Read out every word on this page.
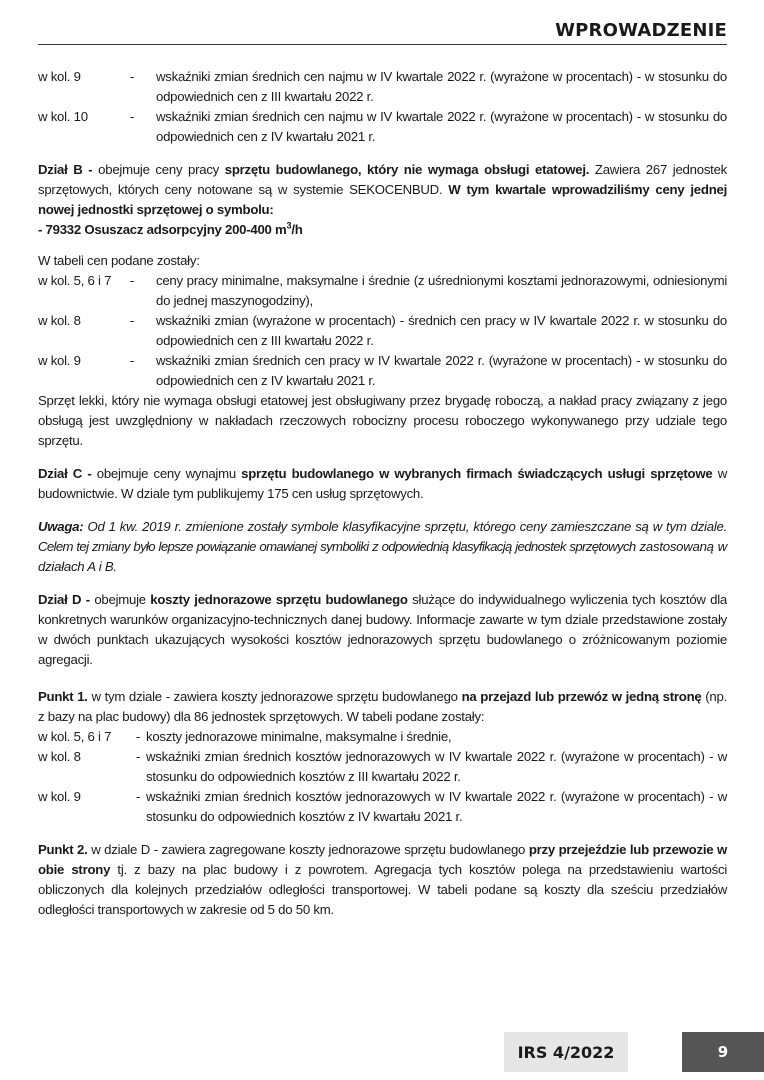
WPROWADZENIE
w kol. 9	-	wskaźniki zmian średnich cen najmu w IV kwartale 2022 r. (wyrażone w procentach) - w stosunku do odpowiednich cen z III kwartału 2022 r.
w kol. 10	-	wskaźniki zmian średnich cen najmu w IV kwartale 2022 r. (wyrażone w procentach) - w stosunku do odpowiednich cen z IV kwartału 2021 r.

Dział B - obejmuje ceny pracy sprzętu budowlanego, który nie wymaga obsługi etatowej. Zawiera 267 jednostek sprzętowych, których ceny notowane są w systemie SEKOCENBUD. W tym kwartale wprowadziliśmy ceny jednej nowej jednostki sprzętowej o symbolu:

- 79332 Osuszacz adsorpcyjny 200-400 $m^3/h$

W tabeli cen podane zostały:

w kol. 5, 6 i 7	-	ceny pracy minimalne, maksymalne i średnie (z uśrednionymi kosztami jednorazowymi, odniesionymi do jednej maszynogodziny),
w kol. 8	-	wskaźniki zmian (wyrażone w procentach) - średnich cen pracy w IV kwartale 2022 r. w stosunku do odpowiednich cen z III kwartału 2022 r.
w kol. 9	-	wskaźniki zmian średnich cen pracy w IV kwartale 2022 r. (wyrażone w procentach) - w stosunku do odpowiednich cen z IV kwartału 2021 r.

Sprzęt lekki, który nie wymaga obsługi etatowej jest obsługiwany przez brygadę roboczą, a nakład pracy związany z jego obsługą jest uwzględniony w nakładach rzeczowych robocizny procesu roboczego wykonywanego przy udziale tego sprzętu.

Dział C - obejmuje ceny wynajmu sprzętu budowlanego w wybranych firmach świadczących usługi sprzętowe w budownictwie. W dziale tym publikujemy 175 cen usług sprzętowych.

Uwaga: Od 1 kw. 2019 r. zmienione zostały symbole klasyfikacyjne sprzętu, którego ceny zamieszczane są w tym dziale. Celem tej zmiany było lepsze powiązanie omawianej symboliki z odpowiednią klasyfikacją jednostek sprzętowych zastosowaną w działach A i B.

Dział D - obejmuje koszty jednorazowe sprzętu budowlanego służące do indywidualnego wyliczenia tych kosztów dla konkretnych warunków organizacyjno-technicznych danej budowy. Informacje zawarte w tym dziale przedstawione zostały w dwóch punktach ukazujących wysokości kosztów jednorazowych sprzętu budowlanego o zróżnicowanym poziomie agregacji.

Punkt 1. w tym dziale - zawiera koszty jednorazowe sprzętu budowlanego na przejazd lub przewóz w jedną stronę (np. z bazy na plac budowy) dla 86 jednostek sprzętowych. W tabeli podane zostały:

w kol. 5, 6 i 7	- koszty jednorazowe minimalne, maksymalne i średnie,
w kol. 8	- wskaźniki zmian średnich kosztów jednorazowych w IV kwartale 2022 r. (wyrażone w procentach) - w stosunku do odpowiednich kosztów z III kwartału 2022 r.
w kol. 9	- wskaźniki zmian średnich kosztów jednorazowych w IV kwartale 2022 r. (wyrażone w procentach) - w stosunku do odpowiednich kosztów z IV kwartału 2021 r.

Punkt 2. w dziale D - zawiera zagregowane koszty jednorazowe sprzętu budowlanego przy przejeździe lub przewozie w obie strony tj. z bazy na plac budowy i z powrotem. Agregacja tych kosztów polega na przedstawieniu wartości obliczonych dla kolejnych przedziałów odległości transportowej. W tabeli podane są koszty dla sześciu przedziałów odległości transportowych w zakresie od 5 do 50 km.

IRS 4/2022	9
